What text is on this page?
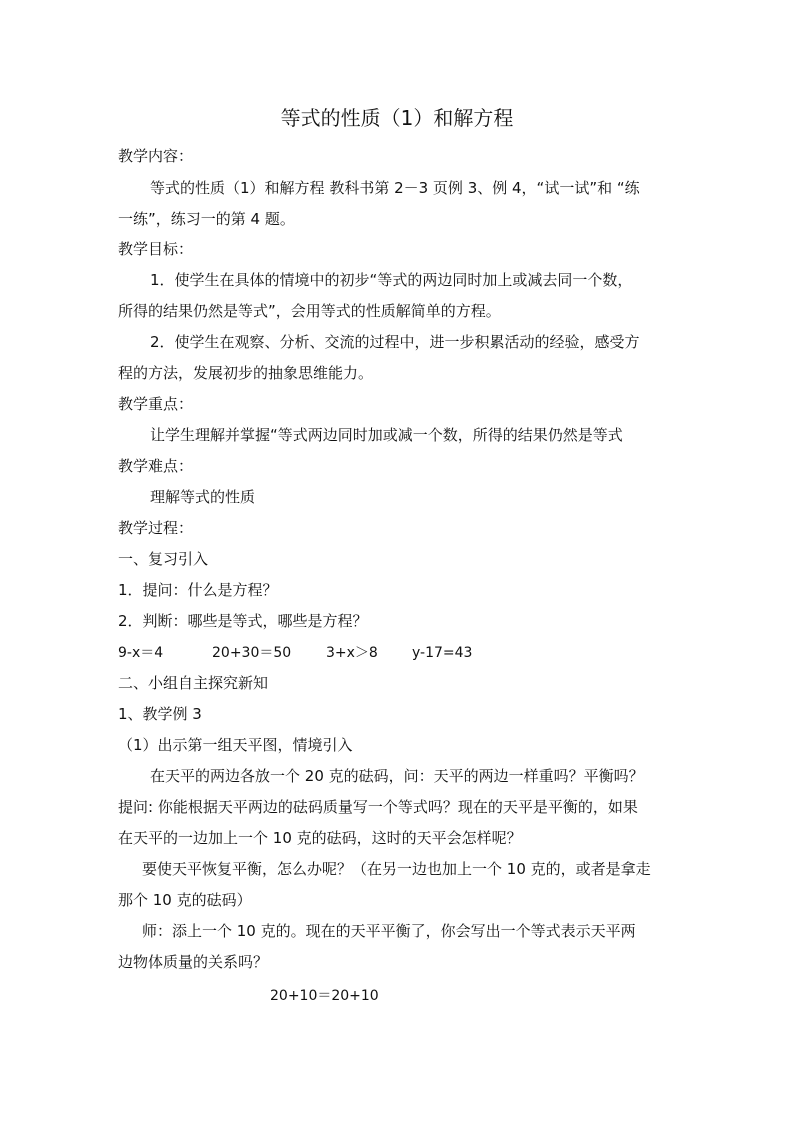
等式的性质（1）和解方程
教学内容：
等式的性质（1）和解方程 教科书第 2－3 页例 3、例 4，“试一试”和 “练
一练”，练习一的第 4 题。
教学目标：
1．使学生在具体的情境中的初步“等式的两边同时加上或减去同一个数，
所得的结果仍然是等式”，会用等式的性质解简单的方程。
2．使学生在观察、分析、交流的过程中，进一步积累活动的经验，感受方
程的方法，发展初步的抽象思维能力。
教学重点：
让学生理解并掌握“等式两边同时加或减一个数，所得的结果仍然是等式
教学难点：
理解等式的性质
教学过程：
一、复习引入
1．提问：什么是方程？
2．判断：哪些是等式，哪些是方程？
9-x＝4	20+30＝50 3+x＞8 y-17=43
二、小组自主探究新知
1、教学例 3
（1）出示第一组天平图，情境引入
在天平的两边各放一个 20 克的砝码，问：天平的两边一样重吗？平衡吗？
提问: 你能根据天平两边的砝码质量写一个等式吗？现在的天平是平衡的，如果
在天平的一边加上一个 10 克的砝码，这时的天平会怎样呢？
要使天平恢复平衡，怎么办呢？（在另一边也加上一个 10 克的，或者是拿走
那个 10 克的砝码）
师：添上一个 10 克的。现在的天平平衡了，你会写出一个等式表示天平两
边物体质量的关系吗？
20+10＝20+10
